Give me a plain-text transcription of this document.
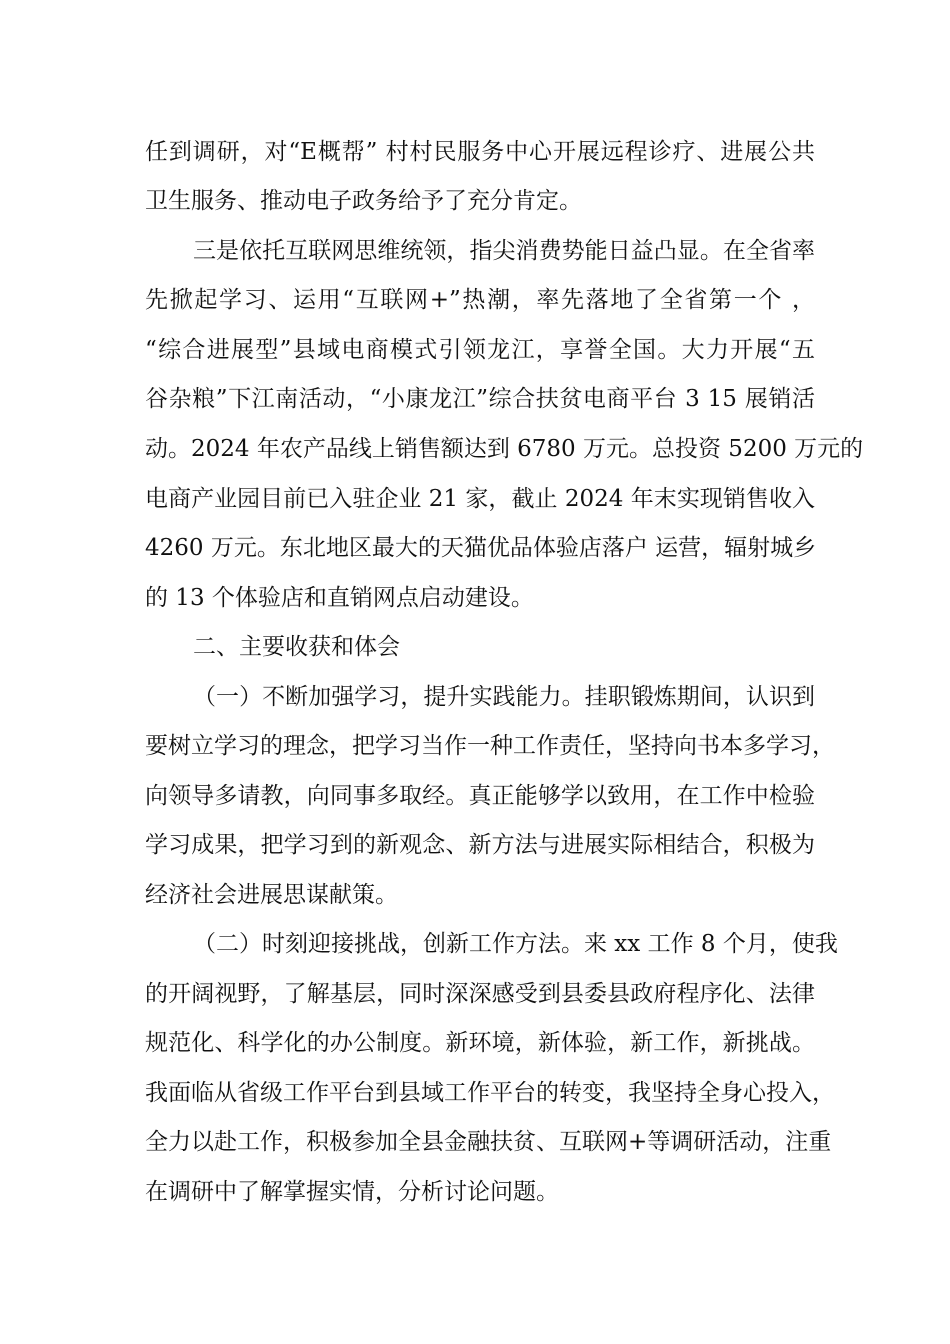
任到调研，对“E概帮” 村村民服务中心开展远程诊疗、进展公共
卫生服务、推动电子政务给予了充分肯定。
三是依托互联网思维统领，指尖消费势能日益凸显。在全省率
先掀起学习、运用“互联网+”热潮，率先落地了全省第一个 ，
“综合进展型”县域电商模式引领龙江，享誉全国。大力开展“五
谷杂粮”下江南活动，“小康龙江”综合扶贫电商平台 3 15 展销活
动。2024 年农产品线上销售额达到 6780 万元。总投资 5200 万元的
电商产业园目前已入驻企业 21 家，截止 2024 年末实现销售收入
4260 万元。东北地区最大的天猫优品体验店落户 运营，辐射城乡
的 13 个体验店和直销网点启动建设。
二、主要收获和体会
（一）不断加强学习，提升实践能力。挂职锻炼期间，认识到
要树立学习的理念，把学习当作一种工作责任，坚持向书本多学习，
向领导多请教，向同事多取经。真正能够学以致用，在工作中检验
学习成果，把学习到的新观念、新方法与进展实际相结合，积极为
经济社会进展思谋献策。
（二）时刻迎接挑战，创新工作方法。来 xx 工作 8 个月，使我
的开阔视野，了解基层，同时深深感受到县委县政府程序化、法律
规范化、科学化的办公制度。新环境，新体验，新工作，新挑战。
我面临从省级工作平台到县域工作平台的转变，我坚持全身心投入，
全力以赴工作，积极参加全县金融扶贫、互联网+等调研活动，注重
在调研中了解掌握实情，分析讨论问题。
